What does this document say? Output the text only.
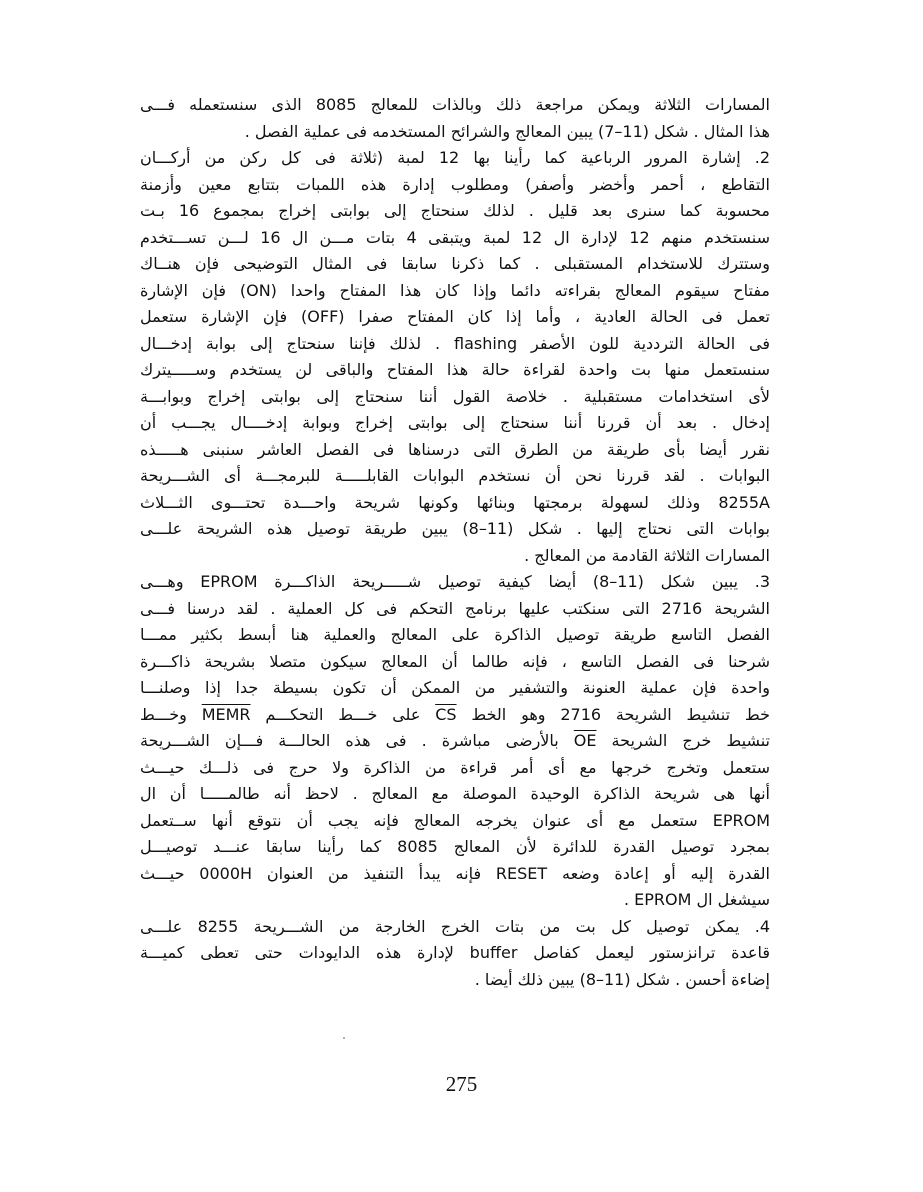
المسارات الثلاثة ويمكن مراجعة ذلك وبالذات للمعالج 8085 الذى سنستعمله فـــى
هذا المثال . شكل (11–7) يبين المعالج والشرائح المستخدمه فى عملية الفصل .
2. إشارة المرور الرباعية كما رأينا بها 12 لمبة (ثلاثة فى كل ركن من أركـــان
التقاطع ، أحمر وأخضر وأصفر) ومطلوب إدارة هذه اللمبات بتتابع معين وأزمنة
محسوبة كما سنرى بعد قليل . لذلك سنحتاج إلى بوابتى إخراج بمجموع 16 بـت
سنستخدم منهم 12 لإدارة ال 12 لمبة ويتبقى 4 بتات مـــن ال 16 لـــن تســـتخدم
وستترك للاستخدام المستقبلى . كما ذكرنا سابقا فى المثال التوضيحى فإن هنــاك
مفتاح سيقوم المعالج بقراءته دائما وإذا كان هذا المفتاح واحدا (ON) فإن الإشارة
تعمل فى الحالة العادية ، وأما إذا كان المفتاح صفرا (OFF) فإن الإشارة ستعمل
فى الحالة الترددية للون الأصفر flashing . لذلك فإننا سنحتاج إلى بوابة إدخـــال
سنستعمل منها بت واحدة لقراءة حالة هذا المفتاح والباقى لن يستخدم وســـــيترك
لأى استخدامات مستقبلية . خلاصة القول أننا سنحتاج إلى بوابتى إخراج وبوابـــة
إدخال . بعد أن قررنا أننا سنحتاج إلى بوابتى إخراج وبوابة إدخــــال يجـــب أن
نقرر أيضا بأى طريقة من الطرق التى درسناها فى الفصل العاشر سنبنى هـــــذه
البوابات . لقد قررنا نحن أن نستخدم البوابات القابلـــــة للبرمجـــة أى الشـــريحة
8255A وذلك لسهولة برمجتها وبنائها وكونها شريحة واحـــدة تحتـــوى الثـــلاث
بوابات التى نحتاج إليها . شكل (11–8) يبين طريقة توصيل هذه الشريحة علـــى
المسارات الثلاثة القادمة من المعالج .
3. يبين شكل (11–8) أيضا كيفية توصيل شـــــريحة الذاكـــرة EPROM وهـــى
الشريحة 2716 التى سنكتب عليها برنامج التحكم فى كل العملية . لقد درسنا فـــى
الفصل التاسع طريقة توصيل الذاكرة على المعالج والعملية هنا أبسط بكثير ممـــا
شرحنا فى الفصل التاسع ، فإنه طالما أن المعالج سيكون متصلا بشريحة ذاكـــرة
واحدة فإن عملية العنونة والتشفير من الممكن أن تكون بسيطة جدا إذا وصلنـــا
خط تنشيط الشريحة 2716 وهو الخط $\overline{CS}$ على خـــط التحكـــم MEMR وخـــط
تنشيط خرج الشريحة $\overline{OE}$ بالأرضى مباشرة . فى هذه الحالـــة فـــإن الشـــريحة
ستعمل وتخرج خرجها مع أى أمر قراءة من الذاكرة ولا حرج فى ذلـــك حيـــث
أنها هى شريحة الذاكرة الوحيدة الموصلة مع المعالج . لاحظ أنه طالمـــــا أن ال
EPROM ستعمل مع أى عنوان يخرجه المعالج فإنه يجب أن نتوقع أنها ســتعمل
بمجرد توصيل القدرة للدائرة لأن المعالج 8085 كما رأينا سابقا عنـــد توصيـــل
القدرة إليه أو إعادة وضعه RESET فإنه يبدأ التنفيذ من العنوان 0000H حيـــث
سيشغل ال EPROM .
4. يمكن توصيل كل بت من بتات الخرج الخارجة من الشـــريحة 8255 علـــى
قاعدة ترانزستور ليعمل كفاصل buffer لإدارة هذه الدايودات حتى تعطى كميـــة
إضاءة أحسن . شكل (11–8) يبين ذلك أيضا .
275
